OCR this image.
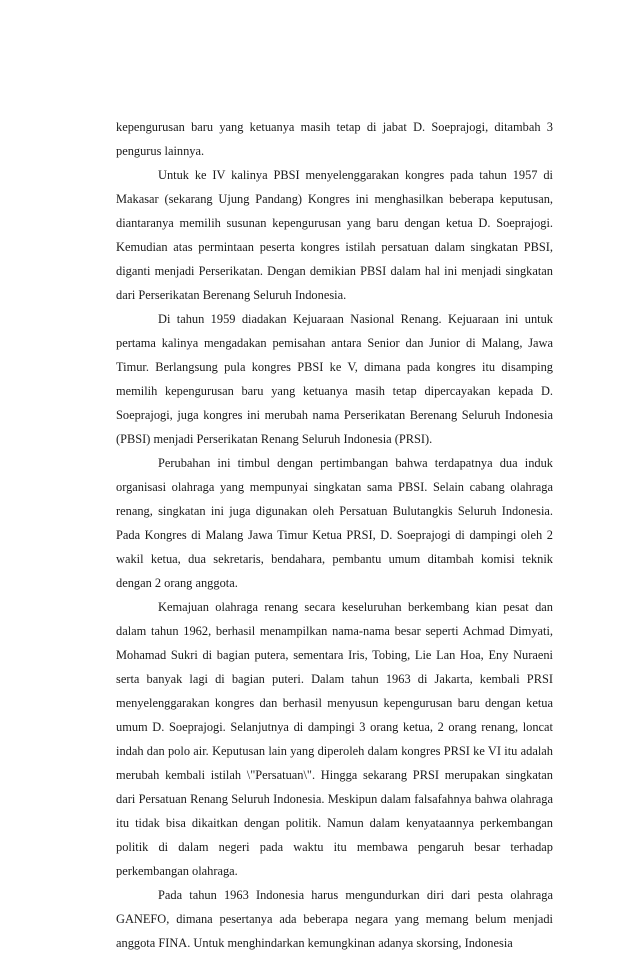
kepengurusan baru yang ketuanya masih tetap di jabat D. Soeprajogi, ditambah 3 pengurus lainnya.

Untuk ke IV kalinya PBSI menyelenggarakan kongres pada tahun 1957 di Makasar (sekarang Ujung Pandang) Kongres ini menghasilkan beberapa keputusan, diantaranya memilih susunan kepengurusan yang baru dengan ketua D. Soeprajogi. Kemudian atas permintaan peserta kongres istilah persatuan dalam singkatan PBSI, diganti menjadi Perserikatan. Dengan demikian PBSI dalam hal ini menjadi singkatan dari Perserikatan Berenang Seluruh Indonesia.

Di tahun 1959 diadakan Kejuaraan Nasional Renang. Kejuaraan ini untuk pertama kalinya mengadakan pemisahan antara Senior dan Junior di Malang, Jawa Timur. Berlangsung pula kongres PBSI ke V, dimana pada kongres itu disamping memilih kepengurusan baru yang ketuanya masih tetap dipercayakan kepada D. Soeprajogi, juga kongres ini merubah nama Perserikatan Berenang Seluruh Indonesia (PBSI) menjadi Perserikatan Renang Seluruh Indonesia (PRSI).

Perubahan ini timbul dengan pertimbangan bahwa terdapatnya dua induk organisasi olahraga yang mempunyai singkatan sama PBSI. Selain cabang olahraga renang, singkatan ini juga digunakan oleh Persatuan Bulutangkis Seluruh Indonesia. Pada Kongres di Malang Jawa Timur Ketua PRSI, D. Soeprajogi di dampingi oleh 2 wakil ketua, dua sekretaris, bendahara, pembantu umum ditambah komisi teknik dengan 2 orang anggota.

Kemajuan olahraga renang secara keseluruhan berkembang kian pesat dan dalam tahun 1962, berhasil menampilkan nama-nama besar seperti Achmad Dimyati, Mohamad Sukri di bagian putera, sementara Iris, Tobing, Lie Lan Hoa, Eny Nuraeni serta banyak lagi di bagian puteri. Dalam tahun 1963 di Jakarta, kembali PRSI menyelenggarakan kongres dan berhasil menyusun kepengurusan baru dengan ketua umum D. Soeprajogi. Selanjutnya di dampingi 3 orang ketua, 2 orang renang, loncat indah dan polo air. Keputusan lain yang diperoleh dalam kongres PRSI ke VI itu adalah merubah kembali istilah \"Persatuan\". Hingga sekarang PRSI merupakan singkatan dari Persatuan Renang Seluruh Indonesia. Meskipun dalam falsafahnya bahwa olahraga itu tidak bisa dikaitkan dengan politik. Namun dalam kenyataannya perkembangan politik di dalam negeri pada waktu itu membawa pengaruh besar terhadap perkembangan olahraga.

Pada tahun 1963 Indonesia harus mengundurkan diri dari pesta olahraga GANEFO, dimana pesertanya ada beberapa negara yang memang belum menjadi anggota FINA. Untuk menghindarkan kemungkinan adanya skorsing, Indonesia
